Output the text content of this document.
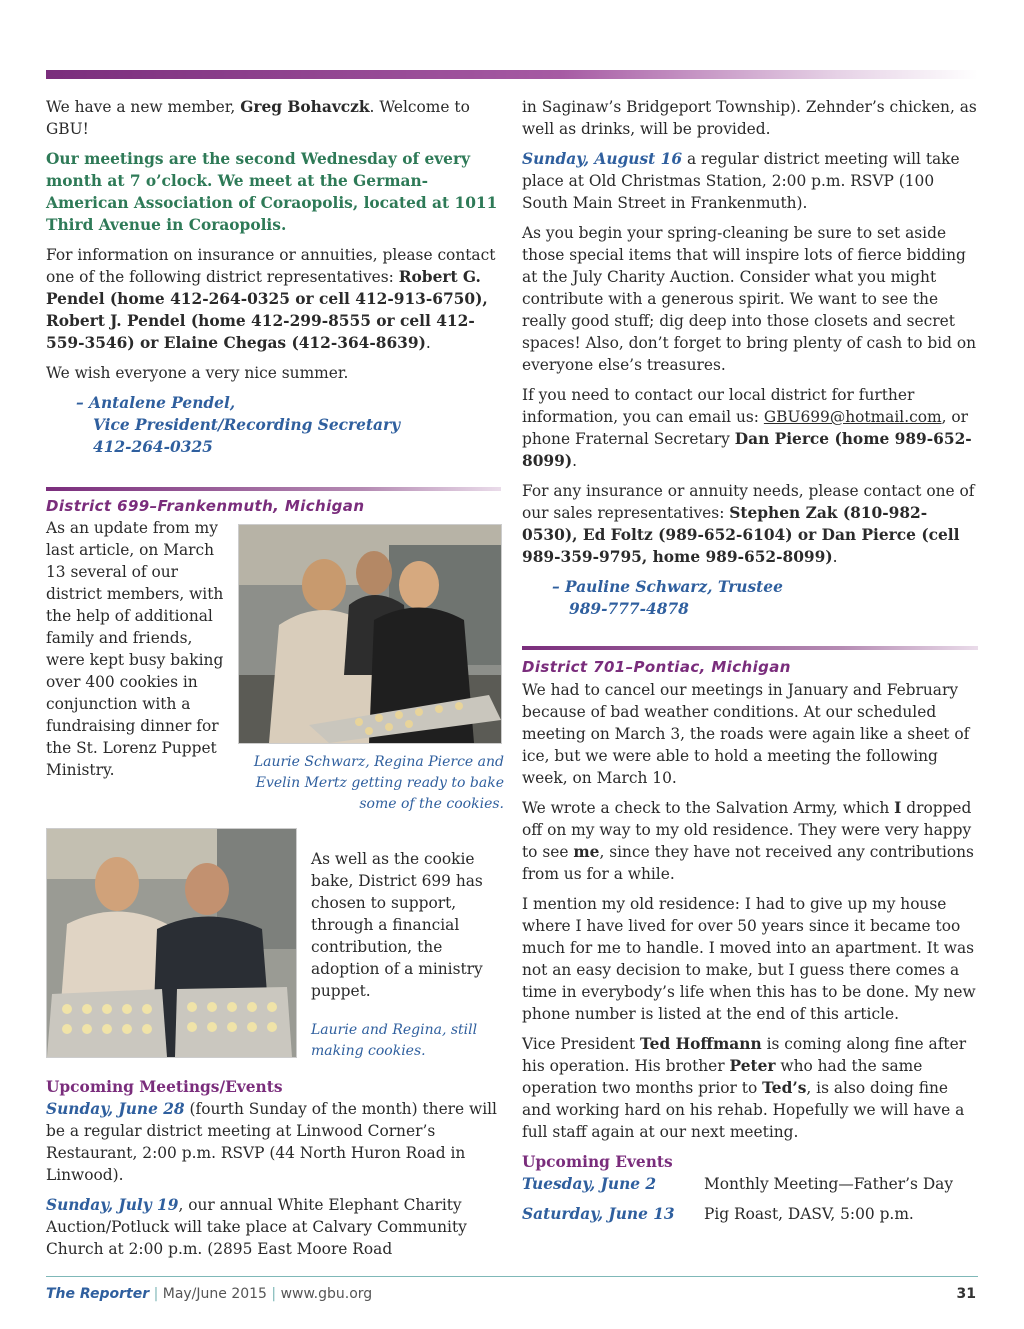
We have a new member, Greg Bohavczk. Welcome to GBU!

Our meetings are the second Wednesday of every month at 7 o’clock. We meet at the German-American Association of Coraopolis, located at 1011 Third Avenue in Coraopolis.

For information on insurance or annuities, please contact one of the following district representatives: Robert G. Pendel (home 412-264-0325 or cell 412-913-6750), Robert J. Pendel (home 412-299-8555 or cell 412-559-3546) or Elaine Chegas (412-364-8639).

We wish everyone a very nice summer.

– Antalene Pendel,
Vice President/Recording Secretary
412-264-0325
District 699–Frankenmuth, Michigan

As an update from my last article, on March 13 several of our district members, with the help of additional family and friends, were kept busy baking over 400 cookies in conjunction with a fundraising dinner for the St. Lorenz Puppet Ministry.	Laurie Schwarz, Regina Pierce and Evelin Mertz getting ready to bake some of the cookies.

As well as the cookie bake, District 699 has chosen to support, through a financial contribution, the adoption of a ministry puppet.

Laurie and Regina, still making cookies.
Upcoming Meetings/Events

Sunday, June 28 (fourth Sunday of the month) there will be a regular district meeting at Linwood Corner’s Restaurant, 2:00 p.m. RSVP (44 North Huron Road in Linwood).

Sunday, July 19, our annual White Elephant Charity Auction/Potluck will take place at Calvary Community Church at 2:00 p.m. (2895 East Moore Road

in Saginaw’s Bridgeport Township). Zehnder’s chicken, as well as drinks, will be provided.

Sunday, August 16 a regular district meeting will take place at Old Christmas Station, 2:00 p.m. RSVP (100 South Main Street in Frankenmuth).

As you begin your spring-cleaning be sure to set aside those special items that will inspire lots of fierce bidding at the July Charity Auction. Consider what you might contribute with a generous spirit. We want to see the really good stuff; dig deep into those closets and secret spaces! Also, don’t forget to bring plenty of cash to bid on everyone else’s treasures.

If you need to contact our local district for further information, you can email us: GBU699@hotmail.com, or phone Fraternal Secretary Dan Pierce (home 989-652-8099).

For any insurance or annuity needs, please contact one of our sales representatives: Stephen Zak (810-982-0530), Ed Foltz (989-652-6104) or Dan Pierce (cell 989-359-9795, home 989-652-8099).

– Pauline Schwarz, Trustee
989-777-4878
District 701–Pontiac, Michigan

We had to cancel our meetings in January and February because of bad weather conditions. At our scheduled meeting on March 3, the roads were again like a sheet of ice, but we were able to hold a meeting the following week, on March 10.

We wrote a check to the Salvation Army, which I dropped off on my way to my old residence. They were very happy to see me, since they have not received any contributions from us for a while.

I mention my old residence: I had to give up my house where I have lived for over 50 years since it became too much for me to handle. I moved into an apartment. It was not an easy decision to make, but I guess there comes a time in everybody’s life when this has to be done. My new phone number is listed at the end of this article.

Vice President Ted Hoffmann is coming along fine after his operation. His brother Peter who had the same operation two months prior to Ted’s, is also doing fine and working hard on his rehab. Hopefully we will have a full staff again at our next meeting.

Upcoming Events
Tuesday, June 2	Monthly Meeting—Father’s Day
Saturday, June 13	Pig Roast, DASV, 5:00 p.m.
The Reporter | May/June 2015 | www.gbu.org	31
